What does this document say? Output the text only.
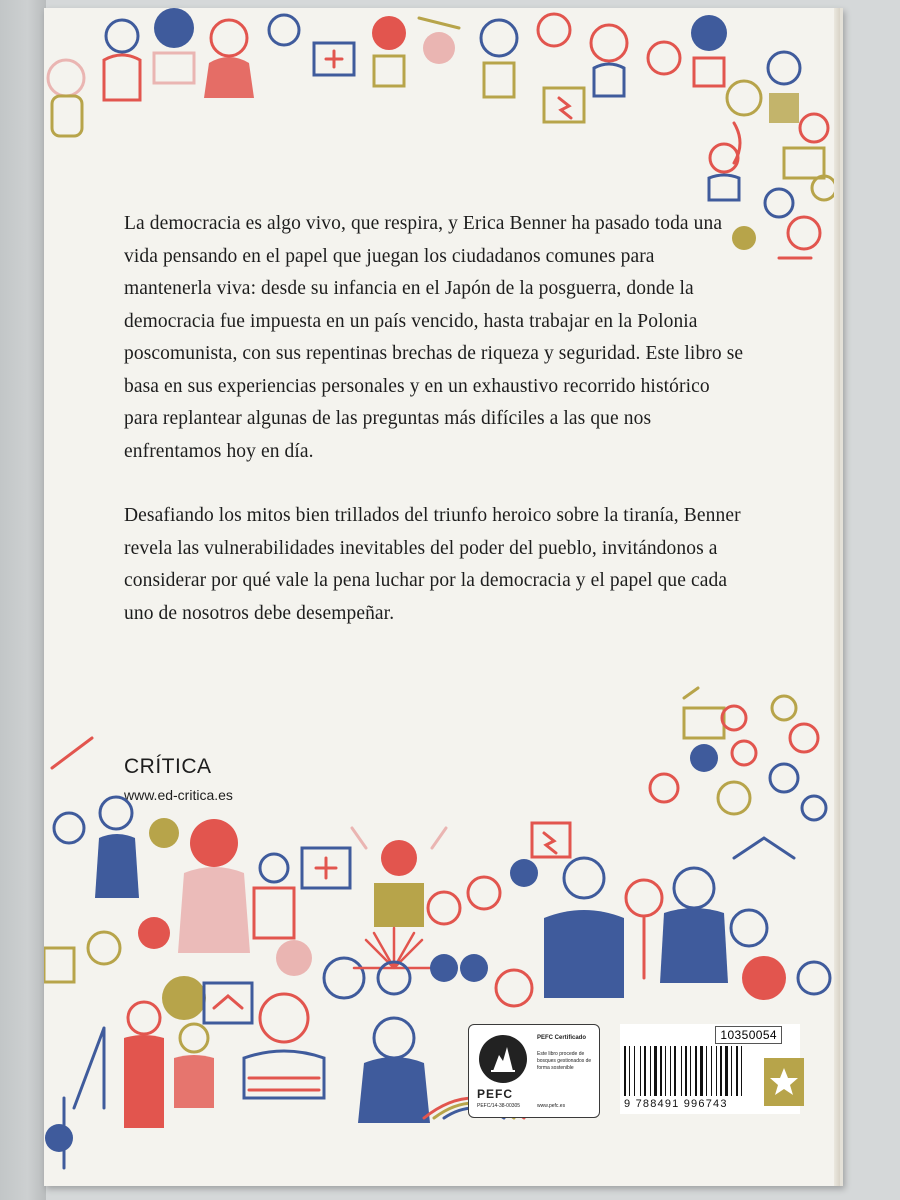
La democracia es algo vivo, que respira, y Erica Benner ha pasado toda una vida pensando en el papel que juegan los ciudadanos comunes para mantenerla viva: desde su infancia en el Japón de la posguerra, donde la democracia fue impuesta en un país vencido, hasta trabajar en la Polonia poscomunista, con sus repentinas brechas de riqueza y seguridad. Este libro se basa en sus experiencias personales y en un exhaustivo recorrido histórico para replantear algunas de las preguntas más difíciles a las que nos enfrentamos hoy en día.

Desafiando los mitos bien trillados del triunfo heroico sobre la tiranía, Benner revela las vulnerabilidades inevitables del poder del pueblo, invitándonos a considerar por qué vale la pena luchar por la democracia y el papel que cada uno de nosotros debe desempeñar.

CRÍTICA
www.ed-critica.es
PEFC
PEFC/14-38-00305
PEFC Certificado
Este libro procede de bosques gestionados de forma sostenible
www.pefc.es
10350054
9 788491 996743
